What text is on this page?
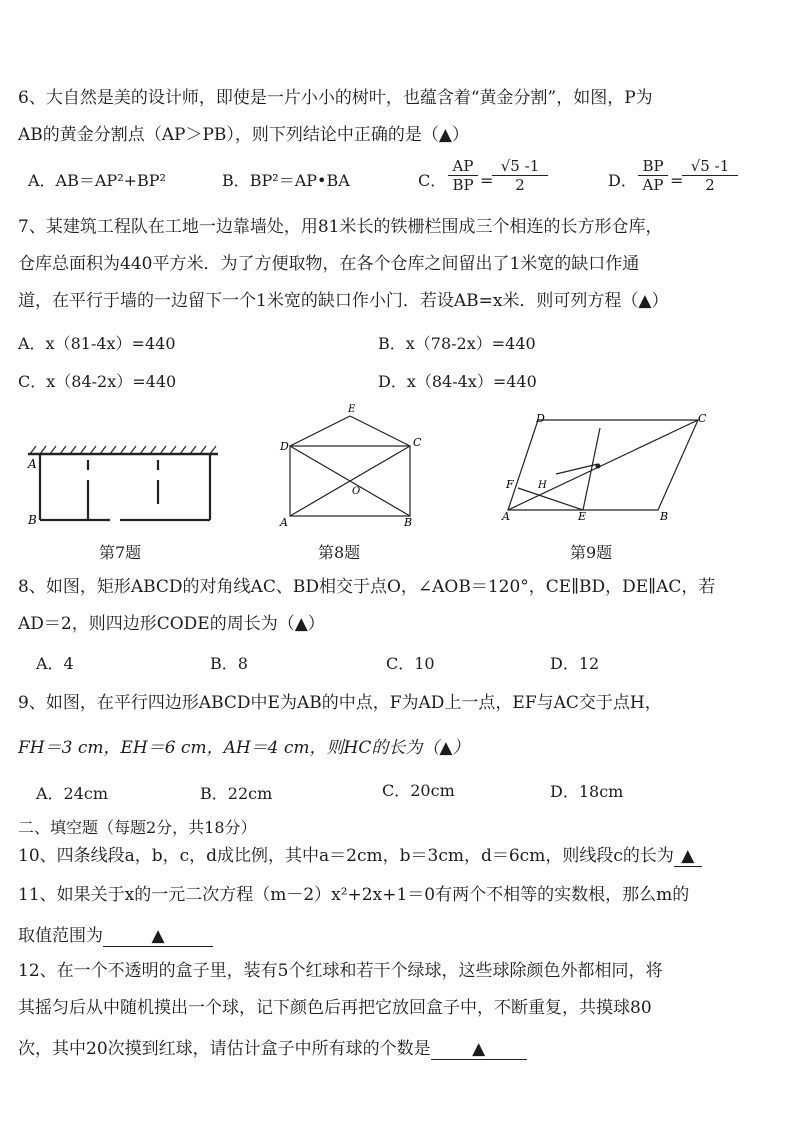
6、大自然是美的设计师，即使是一片小小的树叶，也蕴含着“黄金分割”，如图，P为
AB的黄金分割点（AP＞PB），则下列结论中正确的是（▲）
A．AB＝AP²+BP²	B．BP²＝AP•BA	C． $\frac{AP}{BP}$ =
$\frac{√5 -1}{2}$	D． $\frac{BP}{AP}$ =
$\frac{√5 -1}{2}$
7、某建筑工程队在工地一边靠墙处，用81米长的铁栅栏围成三个相连的长方形仓库，
仓库总面积为440平方米．为了方便取物，在各个仓库之间留出了1米宽的缺口作通
道，在平行于墙的一边留下一个1米宽的缺口作小门．若设AB=x米．则可列方程（▲）
A．x（81-4x）=440	B．x（78-2x）=440
C．x（84-2x）=440	D．x（84-4x）=440
A
B
第7题
E
D	C
A	B
O
第8题
D	C
A	E	B
F H
第9题
8、如图，矩形ABCD的对角线AC、BD相交于点O，∠AOB＝120°，CE∥BD，DE∥AC，若
AD＝2，则四边形CODE的周长为（▲）
A．4	B．8	C．10	D．12
9、如图，在平行四边形ABCD中E为AB的中点，F为AD上一点，EF与AC交于点H，
FH＝3 cm，EH＝6 cm，AH＝4 cm，则HC的长为（▲）
A．24cm	B．22cm	C．20cm	D．18cm
二、填空题（每题2分，共18分）
10、四条线段a，b，c，d成比例，其中a＝2cm，b＝3cm，d＝6cm，则线段c的长为 ▲
11、如果关于x的一元二次方程（m－2）x²+2x+1＝0有两个不相等的实数根，那么m的
取值范围为	▲
12、在一个不透明的盒子里，装有5个红球和若干个绿球，这些球除颜色外都相同，将
其摇匀后从中随机摸出一个球，记下颜色后再把它放回盒子中，不断重复，共摸球80
次，其中20次摸到红球，请估计盒子中所有球的个数是 ▲
